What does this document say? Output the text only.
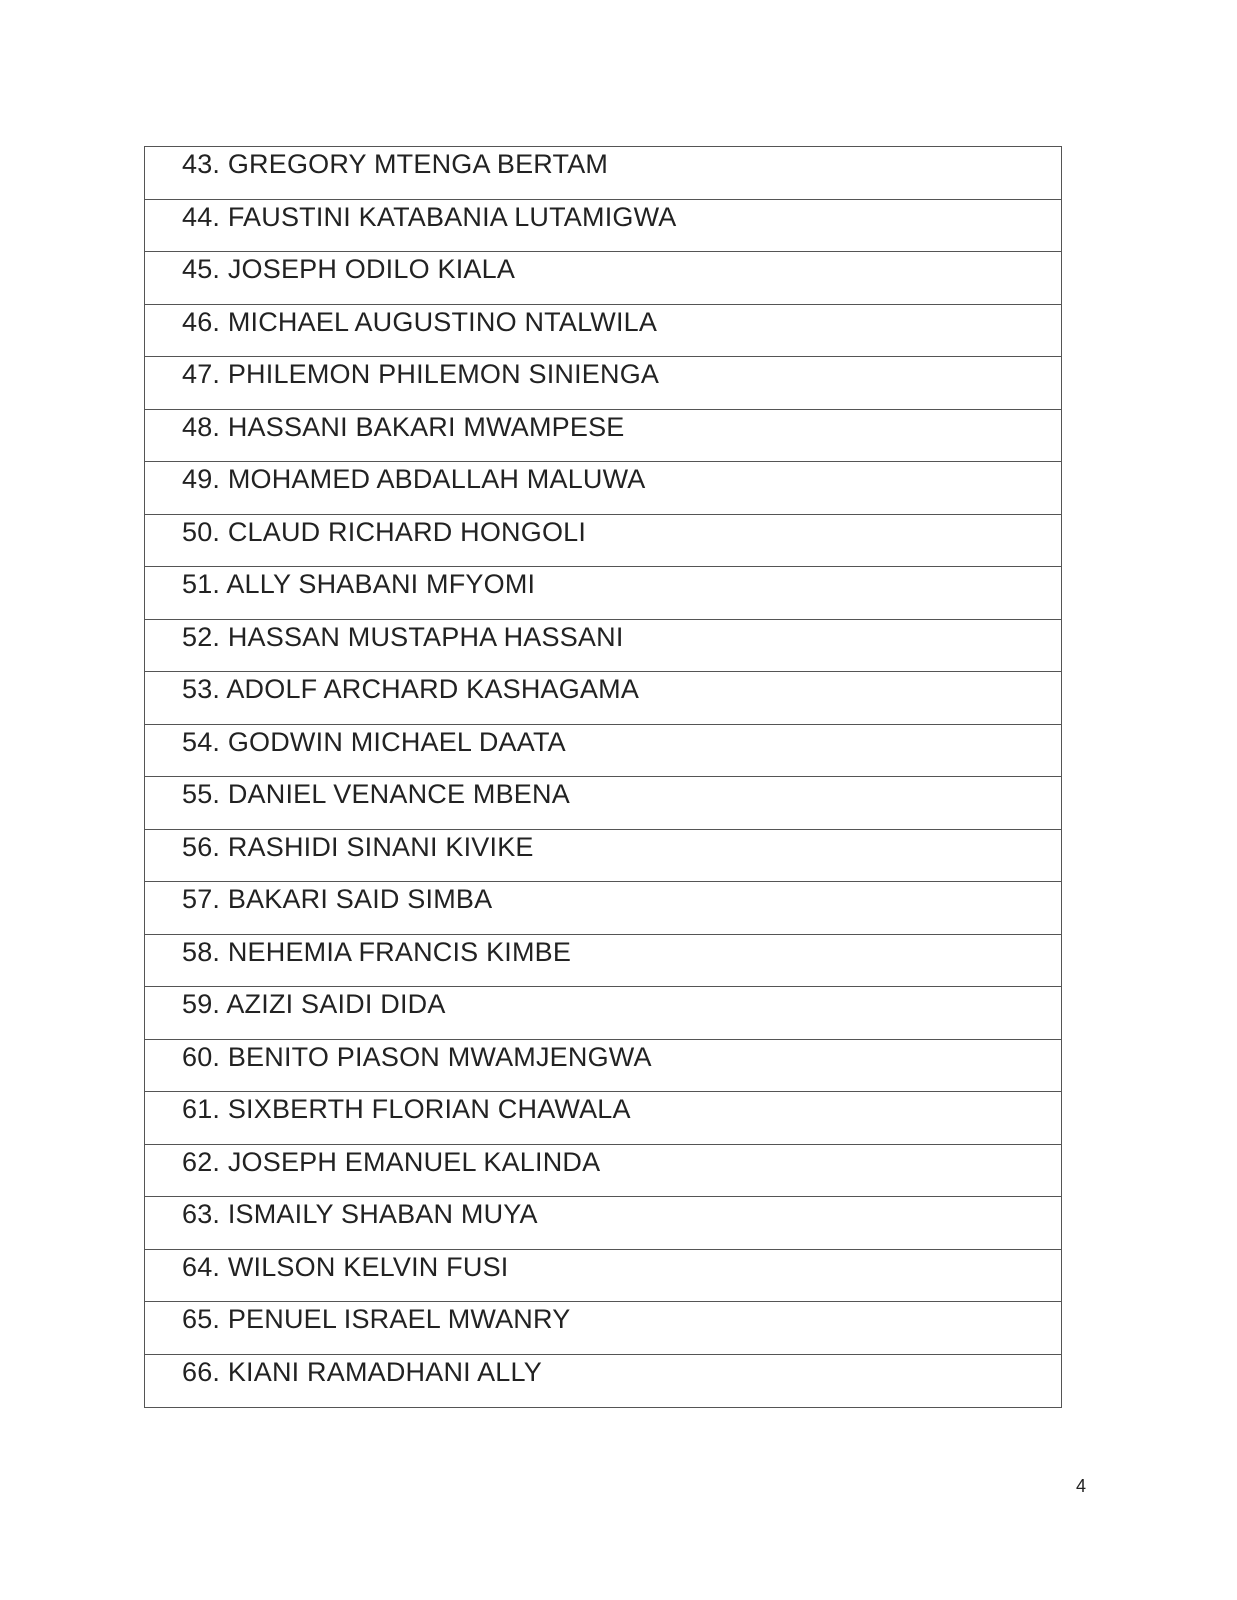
43. GREGORY MTENGA BERTAM
44. FAUSTINI KATABANIA LUTAMIGWA
45. JOSEPH ODILO KIALA
46. MICHAEL AUGUSTINO NTALWILA
47. PHILEMON PHILEMON SINIENGA
48. HASSANI BAKARI MWAMPESE
49. MOHAMED ABDALLAH MALUWA
50. CLAUD RICHARD HONGOLI
51. ALLY SHABANI MFYOMI
52. HASSAN MUSTAPHA HASSANI
53. ADOLF ARCHARD KASHAGAMA
54. GODWIN MICHAEL DAATA
55. DANIEL VENANCE MBENA
56. RASHIDI SINANI KIVIKE
57. BAKARI SAID SIMBA
58. NEHEMIA FRANCIS KIMBE
59. AZIZI SAIDI DIDA
60. BENITO PIASON MWAMJENGWA
61. SIXBERTH FLORIAN CHAWALA
62. JOSEPH EMANUEL KALINDA
63. ISMAILY SHABAN MUYA
64. WILSON KELVIN FUSI
65. PENUEL ISRAEL MWANRY
66. KIANI RAMADHANI ALLY
4
